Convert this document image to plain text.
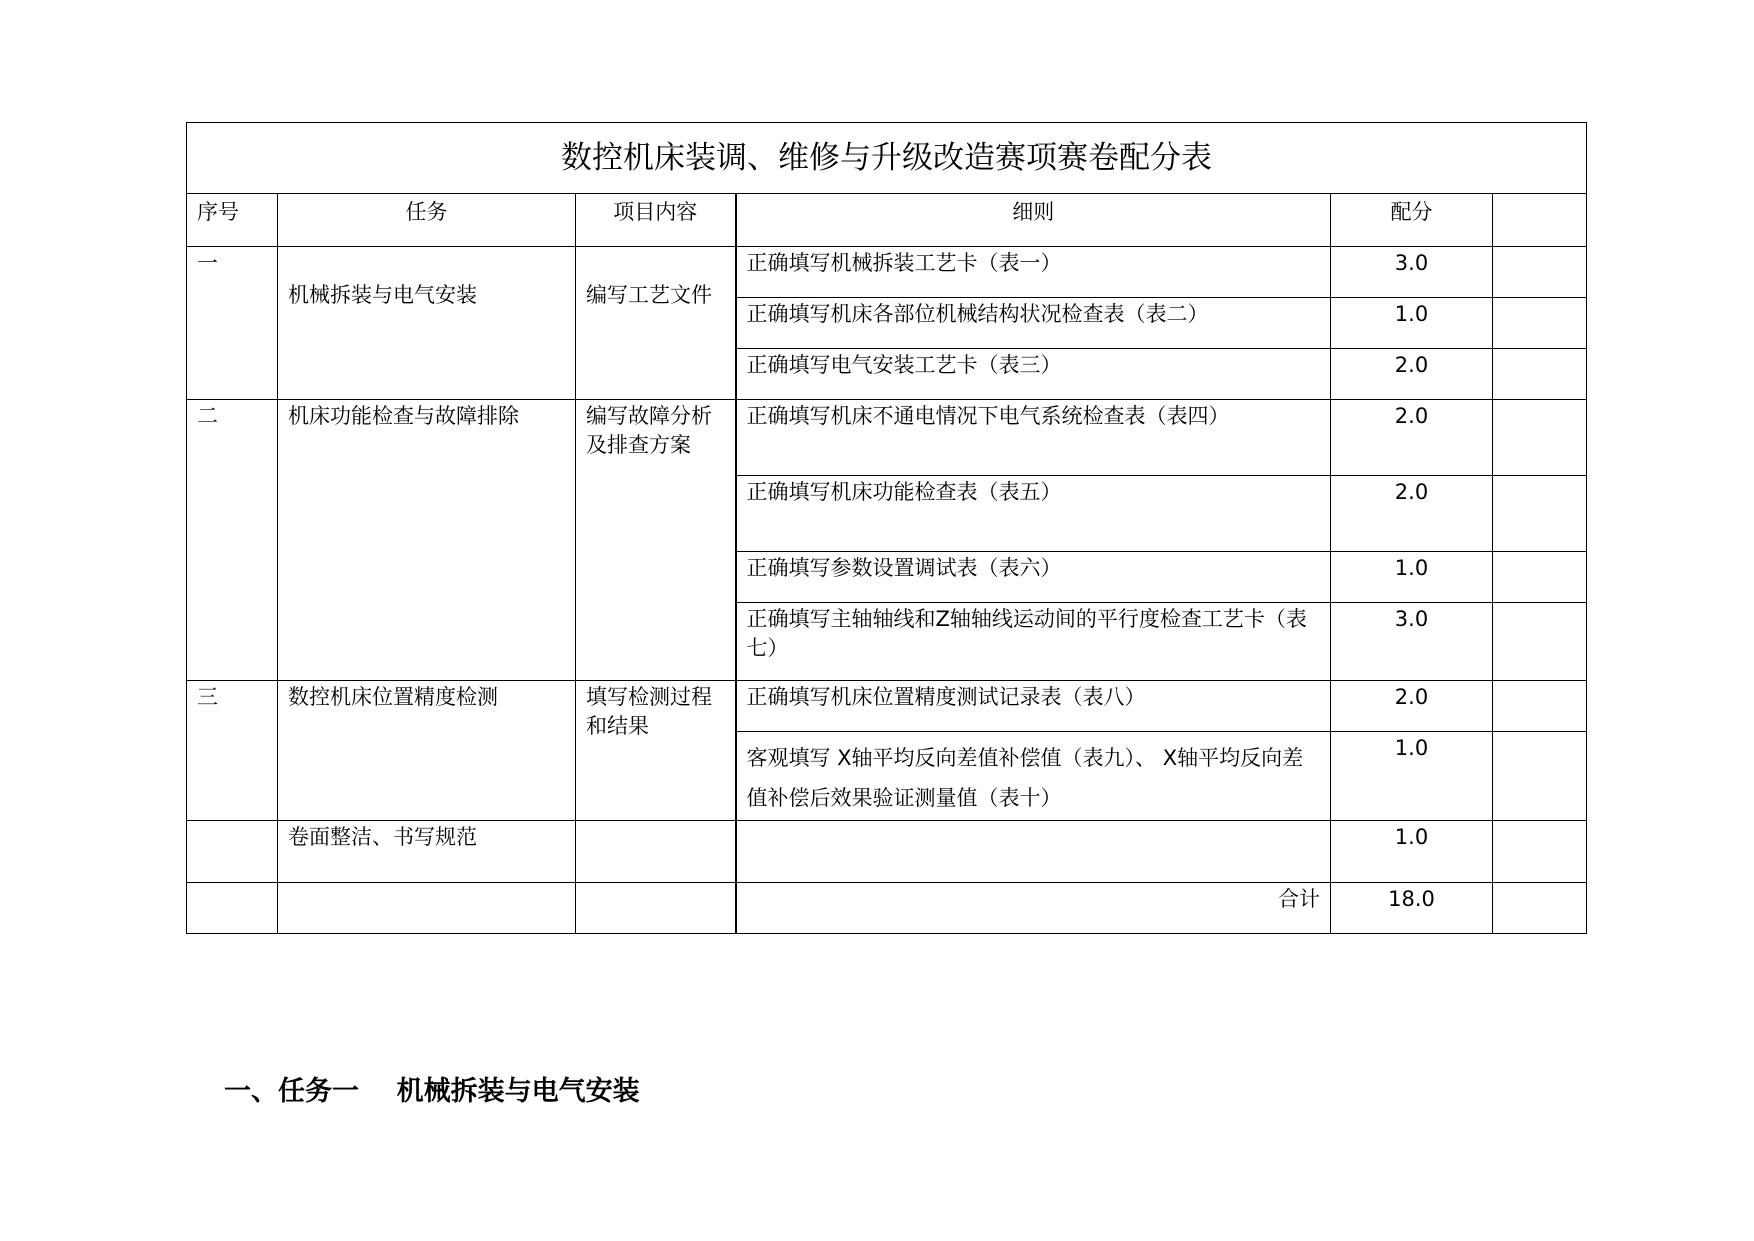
数控机床装调、维修与升级改造赛项赛卷配分表					
序号	任务	项目内容	细则	配分	
一	机械拆装与电气安装	编写工艺文件	正确填写机械拆装工艺卡（表一）	3.0	
			正确填写机床各部位机械结构状况检查表（表二）	1.0	
			正确填写电气安装工艺卡（表三）	2.0	
二	机床功能检查与故障排除	编写故障分析及排查方案	正确填写机床不通电情况下电气系统检查表（表四）	2.0	
			正确填写机床功能检查表（表五）	2.0	
			正确填写参数设置调试表（表六）	1.0	
			正确填写主轴轴线和Z轴轴线运动间的平行度检查工艺卡（表七）	3.0	
三	数控机床位置精度检测	填写检测过程和结果	正确填写机床位置精度测试记录表（表八）	2.0	

			客观填写 X轴平均反向差值补偿值（表九）、 X轴平均反向差值补偿后效果验证测量值（表十）	1.0	
	卷面整洁、书写规范			1.0	
			合计	18.0	
一、任务一    机械拆装与电气安装
